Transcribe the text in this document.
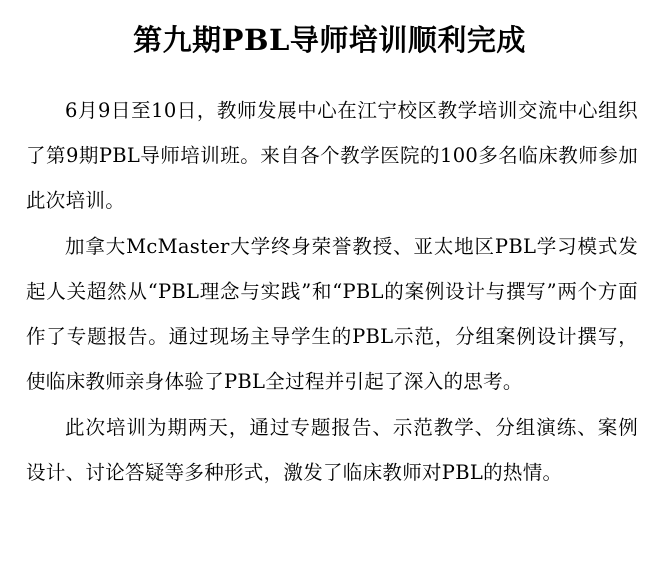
第九期PBL导师培训顺利完成

6月9日至10日，教师发展中心在江宁校区教学培训交流中心组织了第9期PBL导师培训班。来自各个教学医院的100多名临床教师参加此次培训。

加拿大McMaster大学终身荣誉教授、亚太地区PBL学习模式发起人关超然从“PBL理念与实践”和“PBL的案例设计与撰写”两个方面作了专题报告。通过现场主导学生的PBL示范，分组案例设计撰写，使临床教师亲身体验了PBL全过程并引起了深入的思考。

此次培训为期两天，通过专题报告、示范教学、分组演练、案例设计、讨论答疑等多种形式，激发了临床教师对PBL的热情。
